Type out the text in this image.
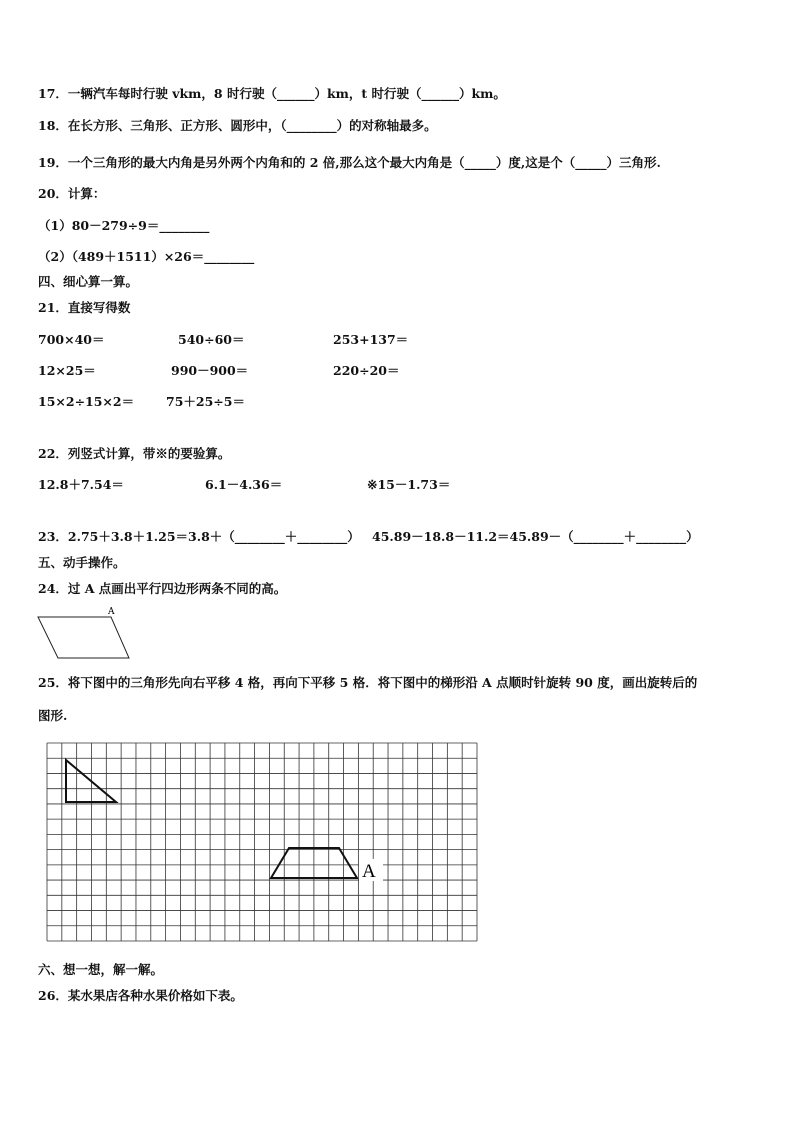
17．一辆汽车每时行驶 vkm，8 时行驶（______）km，t 时行驶（______）km。
18．在长方形、三角形、正方形、圆形中，（________）的对称轴最多。
19．一个三角形的最大内角是另外两个内角和的 2 倍,那么这个最大内角是（_____）度,这是个（_____）三角形.
20．计算：
（1）80－279÷9＝________
（2）（489＋1511）×26＝________
四、细心算一算。
21．直接写得数
700×40＝	540÷60＝	253+137＝
12×25＝	990－900＝	220÷20＝
15×2÷15×2＝	75＋25÷5＝
22．列竖式计算，带※的要验算。
12.8＋7.54＝	6.1－4.36＝	※15－1.73＝
23．2.75＋3.8＋1.25＝3.8＋（________＋________） 45.89－18.8－11.2＝45.89－（________＋________）
五、动手操作。
24．过 A 点画出平行四边形两条不同的高。
A
25．将下图中的三角形先向右平移 4 格，再向下平移 5 格．将下图中的梯形沿 A 点顺时针旋转 90 度，画出旋转后的
图形.
A
六、想一想，解一解。
26．某水果店各种水果价格如下表。
